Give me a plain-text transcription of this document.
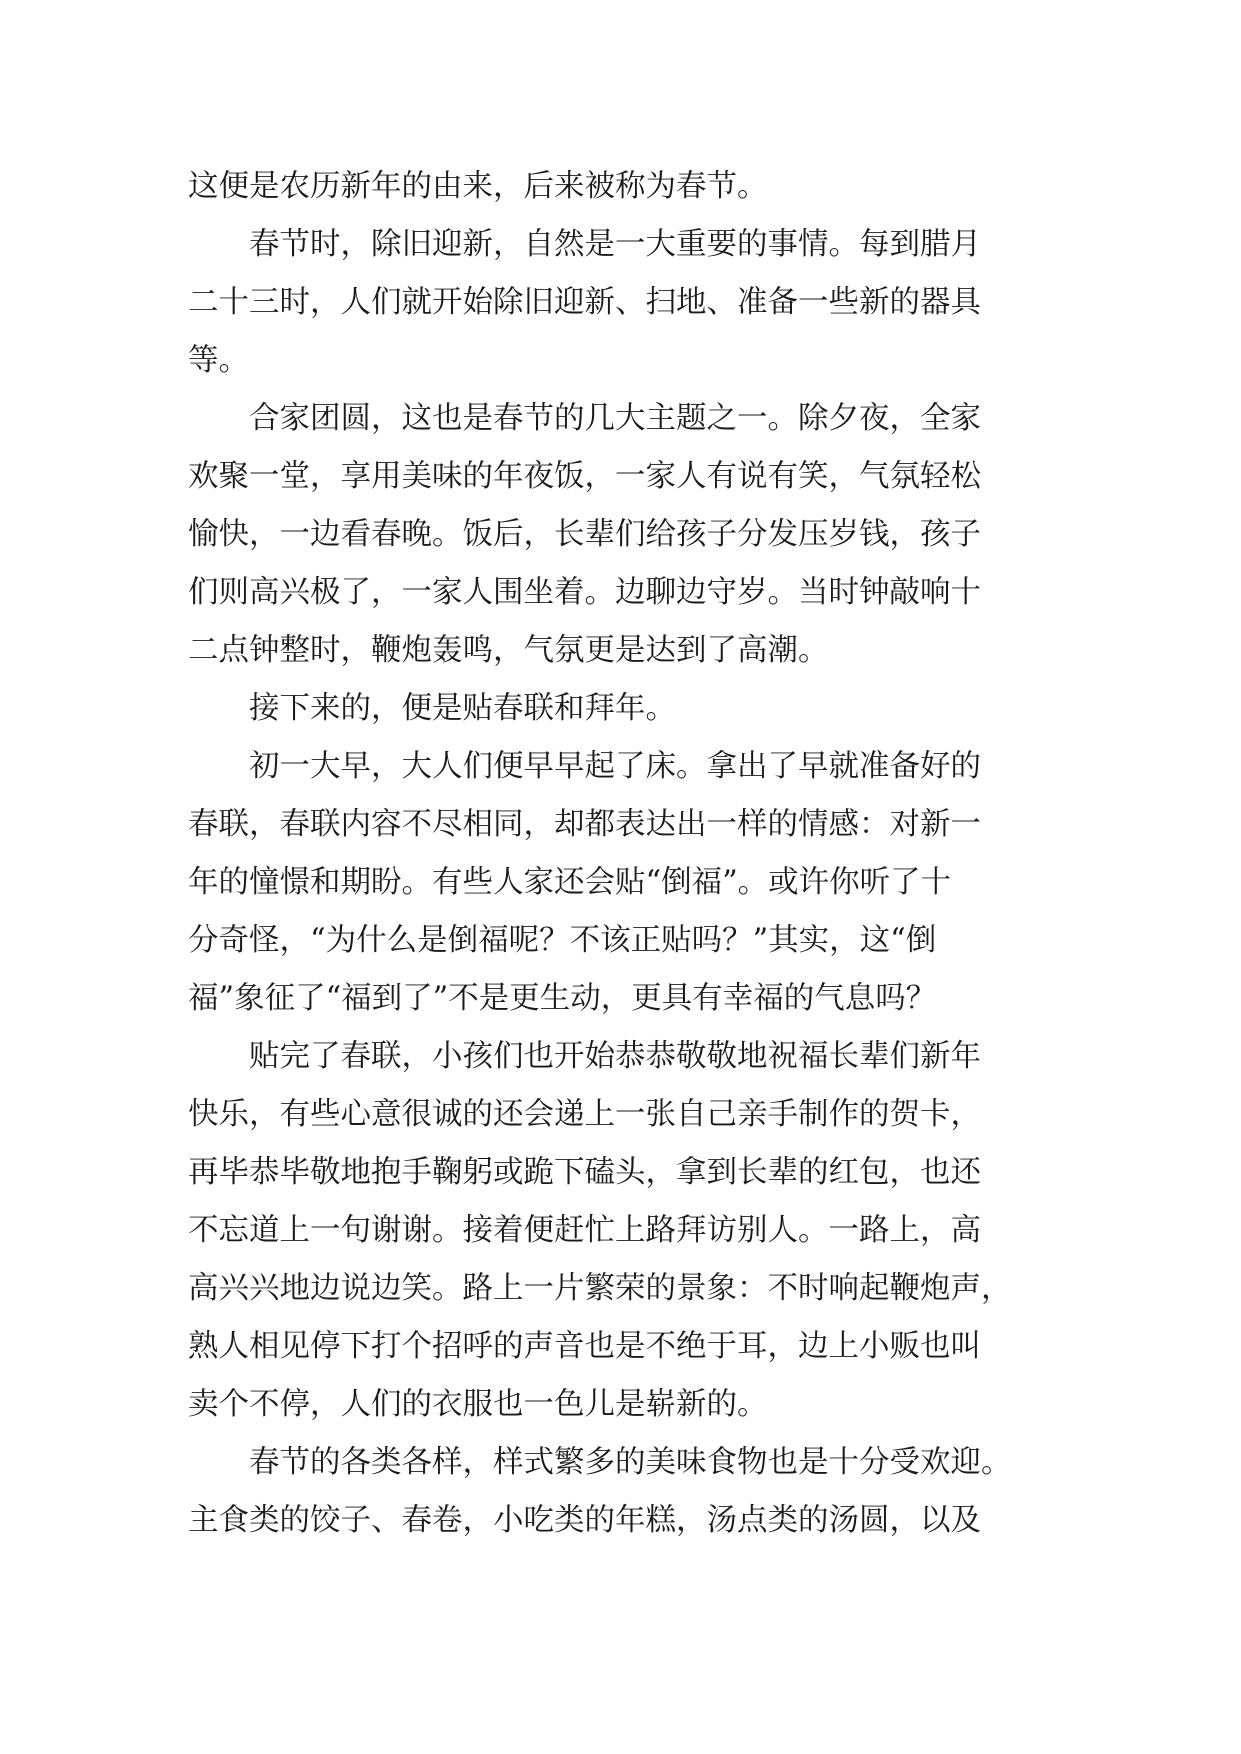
这便是农历新年的由来，后来被称为春节。
春节时，除旧迎新，自然是一大重要的事情。每到腊月
二十三时，人们就开始除旧迎新、扫地、准备一些新的器具
等。
合家团圆，这也是春节的几大主题之一。除夕夜，全家
欢聚一堂，享用美味的年夜饭，一家人有说有笑，气氛轻松
愉快，一边看春晚。饭后，长辈们给孩子分发压岁钱，孩子
们则高兴极了，一家人围坐着。边聊边守岁。当时钟敲响十
二点钟整时，鞭炮轰鸣，气氛更是达到了高潮。
接下来的，便是贴春联和拜年。
初一大早，大人们便早早起了床。拿出了早就准备好的
春联，春联内容不尽相同，却都表达出一样的情感：对新一
年的憧憬和期盼。有些人家还会贴“倒福”。或许你听了十
分奇怪，“为什么是倒福呢？不该正贴吗？”其实，这“倒
福”象征了“福到了”不是更生动，更具有幸福的气息吗？
贴完了春联，小孩们也开始恭恭敬敬地祝福长辈们新年
快乐，有些心意很诚的还会递上一张自己亲手制作的贺卡，
再毕恭毕敬地抱手鞠躬或跪下磕头，拿到长辈的红包，也还
不忘道上一句谢谢。接着便赶忙上路拜访别人。一路上，高
高兴兴地边说边笑。路上一片繁荣的景象：不时响起鞭炮声，
熟人相见停下打个招呼的声音也是不绝于耳，边上小贩也叫
卖个不停，人们的衣服也一色儿是崭新的。
春节的各类各样，样式繁多的美味食物也是十分受欢迎。
主食类的饺子、春卷，小吃类的年糕，汤点类的汤圆，以及
